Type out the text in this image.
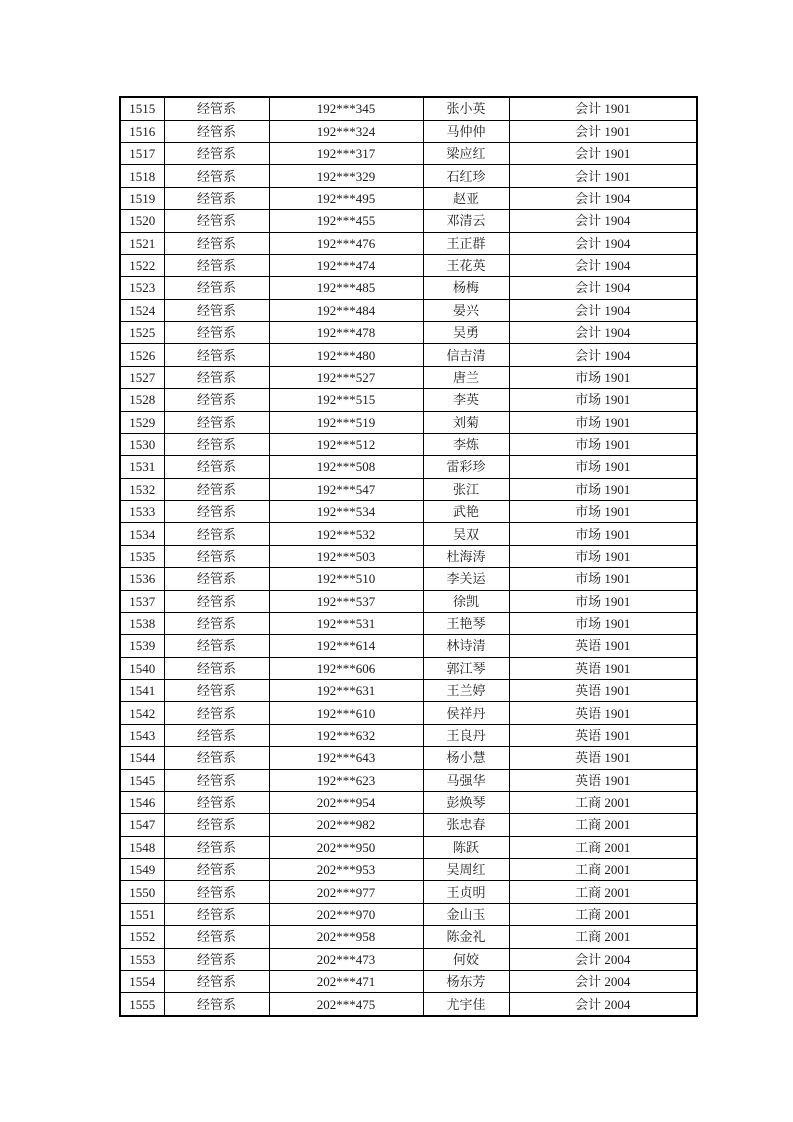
1515	经管系	192***345	张小英	会计 1901
1516	经管系	192***324	马仲仲	会计 1901
1517	经管系	192***317	梁应红	会计 1901
1518	经管系	192***329	石红珍	会计 1901
1519	经管系	192***495	赵亚	会计 1904
1520	经管系	192***455	邓清云	会计 1904
1521	经管系	192***476	王正群	会计 1904
1522	经管系	192***474	王花英	会计 1904
1523	经管系	192***485	杨梅	会计 1904
1524	经管系	192***484	晏兴	会计 1904
1525	经管系	192***478	吴勇	会计 1904
1526	经管系	192***480	信吉清	会计 1904
1527	经管系	192***527	唐兰	市场 1901
1528	经管系	192***515	李英	市场 1901
1529	经管系	192***519	刘菊	市场 1901
1530	经管系	192***512	李炼	市场 1901
1531	经管系	192***508	雷彩珍	市场 1901
1532	经管系	192***547	张江	市场 1901
1533	经管系	192***534	武艳	市场 1901
1534	经管系	192***532	吴双	市场 1901
1535	经管系	192***503	杜海涛	市场 1901
1536	经管系	192***510	李关运	市场 1901
1537	经管系	192***537	徐凯	市场 1901
1538	经管系	192***531	王艳琴	市场 1901
1539	经管系	192***614	林诗清	英语 1901
1540	经管系	192***606	郭江琴	英语 1901
1541	经管系	192***631	王兰婷	英语 1901
1542	经管系	192***610	侯祥丹	英语 1901
1543	经管系	192***632	王良丹	英语 1901
1544	经管系	192***643	杨小慧	英语 1901
1545	经管系	192***623	马强华	英语 1901
1546	经管系	202***954	彭焕琴	工商 2001
1547	经管系	202***982	张忠春	工商 2001
1548	经管系	202***950	陈跃	工商 2001
1549	经管系	202***953	吴周红	工商 2001
1550	经管系	202***977	王贞明	工商 2001
1551	经管系	202***970	金山玉	工商 2001
1552	经管系	202***958	陈金礼	工商 2001
1553	经管系	202***473	何姣	会计 2004
1554	经管系	202***471	杨东芳	会计 2004
1555	经管系	202***475	尤宇佳	会计 2004
